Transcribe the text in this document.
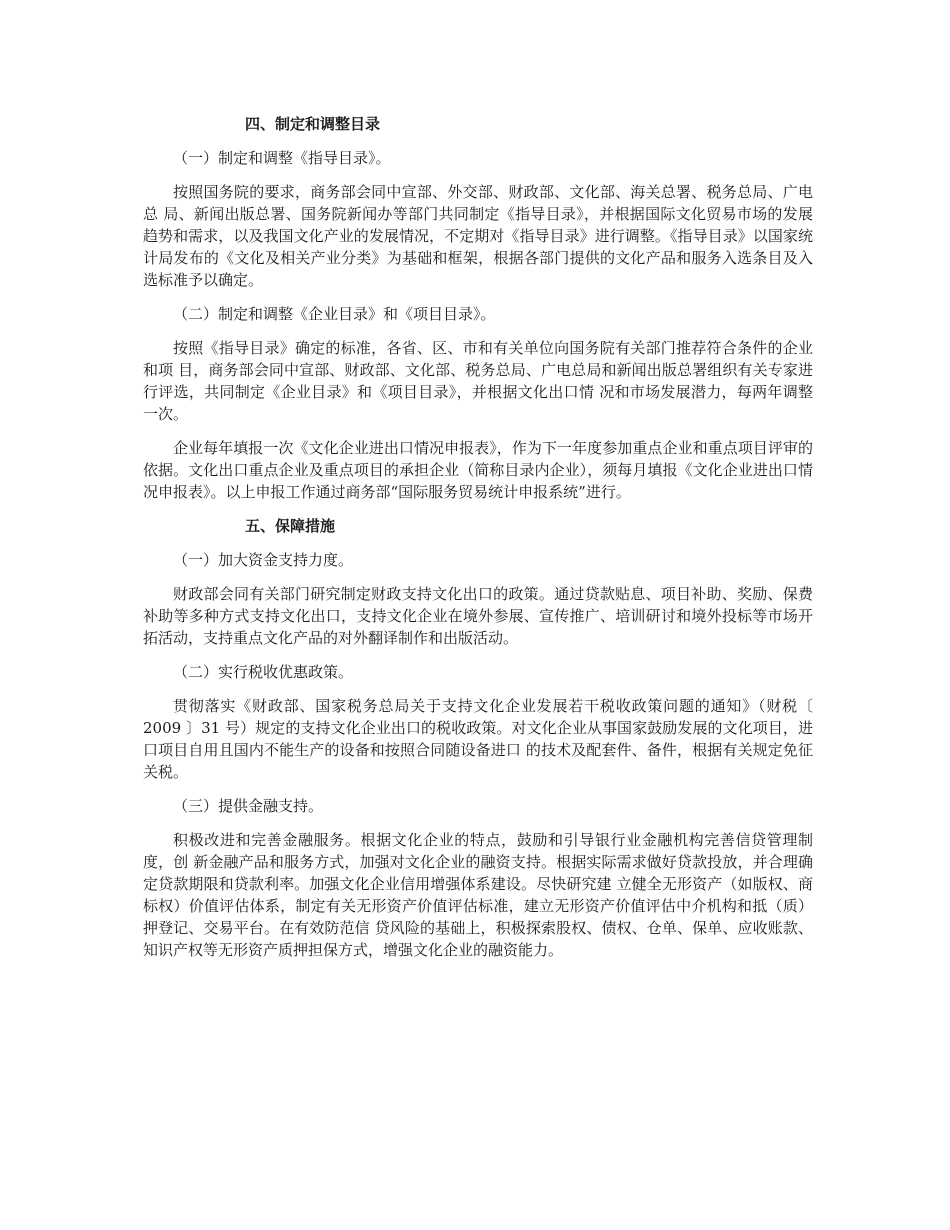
四、制定和调整目录
（一）制定和调整《指导目录》。
按照国务院的要求，商务部会同中宣部、外交部、财政部、文化部、海关总署、税务总局、广电总 局、新闻出版总署、国务院新闻办等部门共同制定《指导目录》，并根据国际文化贸易市场的发展趋势和需求，以及我国文化产业的发展情况，不定期对《指导目录》进行调整。《指导目录》以国家统计局发布的《文化及相关产业分类》为基础和框架，根据各部门提供的文化产品和服务入选条目及入选标准予以确定。
（二）制定和调整《企业目录》和《项目目录》。
按照《指导目录》确定的标准，各省、区、市和有关单位向国务院有关部门推荐符合条件的企业和项 目，商务部会同中宣部、财政部、文化部、税务总局、广电总局和新闻出版总署组织有关专家进行评选，共同制定《企业目录》和《项目目录》，并根据文化出口情 况和市场发展潜力，每两年调整一次。
企业每年填报一次《文化企业进出口情况申报表》，作为下一年度参加重点企业和重点项目评审的依据。文化出口重点企业及重点项目的承担企业（简称目录内企业），须每月填报《文化企业进出口情况申报表》。以上申报工作通过商务部“国际服务贸易统计申报系统”进行。
五、保障措施
（一）加大资金支持力度。
财政部会同有关部门研究制定财政支持文化出口的政策。通过贷款贴息、项目补助、奖励、保费补助等多种方式支持文化出口，支持文化企业在境外参展、宣传推广、培训研讨和境外投标等市场开拓活动，支持重点文化产品的对外翻译制作和出版活动。
（二）实行税收优惠政策。
贯彻落实《财政部、国家税务总局关于支持文化企业发展若干税收政策问题的通知》（财税〔 2009 〕31 号）规定的支持文化企业出口的税收政策。对文化企业从事国家鼓励发展的文化项目，进口项目自用且国内不能生产的设备和按照合同随设备进口 的技术及配套件、备件，根据有关规定免征关税。
（三）提供金融支持。
积极改进和完善金融服务。根据文化企业的特点，鼓励和引导银行业金融机构完善信贷管理制度，创 新金融产品和服务方式，加强对文化企业的融资支持。根据实际需求做好贷款投放，并合理确定贷款期限和贷款利率。加强文化企业信用增强体系建设。尽快研究建 立健全无形资产（如版权、商标权）价值评估体系，制定有关无形资产价值评估标准，建立无形资产价值评估中介机构和抵（质）押登记、交易平台。在有效防范信 贷风险的基础上，积极探索股权、债权、仓单、保单、应收账款、知识产权等无形资产质押担保方式，增强文化企业的融资能力。
